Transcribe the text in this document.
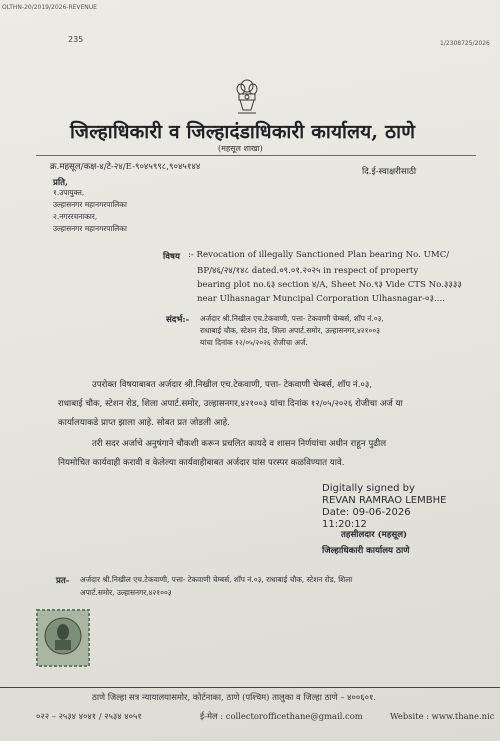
OLTHN-20/2019/2026-REVENUE
235	1/2308725/2026
जिल्हाधिकारी व जिल्हादंडाधिकारी कार्यालय, ठाणे
(महसूल शाखा)
क्र.महसूल/कक्ष-४/टे-२४/E-९०४५९९८,९०४५१४४	दि.ई-स्वाक्षरीसाठी
प्रति,
१.उपायुक्त,
उल्हासनगर महानगरपालिका
२.नगररचनाकार,
उल्हासनगर महानगरपालिका
विषय :- Revocation of illegally Sanctioned Plan bearing No. UMC/
BP/४६/२४/१४८ dated.०९.०१.२०२५ in respect of property
bearing plot no.६३ section ४/A, Sheet No.९३ Vide CTS No.३३३३
near Ulhasnagar Muncipal Corporation Ulhasnagar-०३....
संदर्भ:- अर्जदार श्री.निखील एच.टेकवाणी, पत्ता- टेकवाणी चेम्बर्स, शॉप नं.०३,
राधाबाई चौक, स्टेशन रोड, शिला अपार्ट.समोर, उल्हासनगर,४२१००३
यांचा दिनांक १२/०५/२०२६ रोजीचा अर्ज.
उपरोक्त विषयाबाबत अर्जदार श्री.निखील एच.टेकवाणी, पत्ता- टेकवाणी चेम्बर्स, शॉप नं.०३,
राधाबाई चौक, स्टेशन रोड, शिला अपार्ट.समोर, उल्हासनगर,४२१००३ यांचा दिनांक १२/०५/२०२६ रोजीचा अर्ज या
कार्यालयाकडे प्राप्त झाला आहे. सोबत प्रत जोडली आहे.
तरी सदर अर्जाचे अनुषंगाने चौकशी करून प्रचलित कायदे व शासन निर्णयांचा अधीन राहून पुढील
नियमोचित कार्यवाही करावी व केलेल्या कार्यवाहीबाबत अर्जदार यांस परस्पर कळविण्यात यावे.
Digitally signed by
REVAN RAMRAO LEMBHE
Date: 09-06-2026
11:20:12
तहसीलदार (महसूल)
जिल्हाधिकारी कार्यालय ठाणे
प्रत- अर्जदार श्री.निखील एच.टेकवाणी, पत्ता- टेकवाणी चेम्बर्स, शॉप नं.०३, राधाबाई चौक, स्टेशन रोड, शिला
अपार्ट.समोर, उल्हासनगर,४२१००३
ठाणे जिल्हा सत्र न्यायालयासमोर, कोर्टनाका, ठाणे (पश्चिम) तालुका व जिल्हा ठाणे – ४००६०१.
०२२ – २५३४ ४०४१ / २५३४ ४०५१	ई-मेल : collectorofficethane@gmail.com	Website : www.thane.nic
